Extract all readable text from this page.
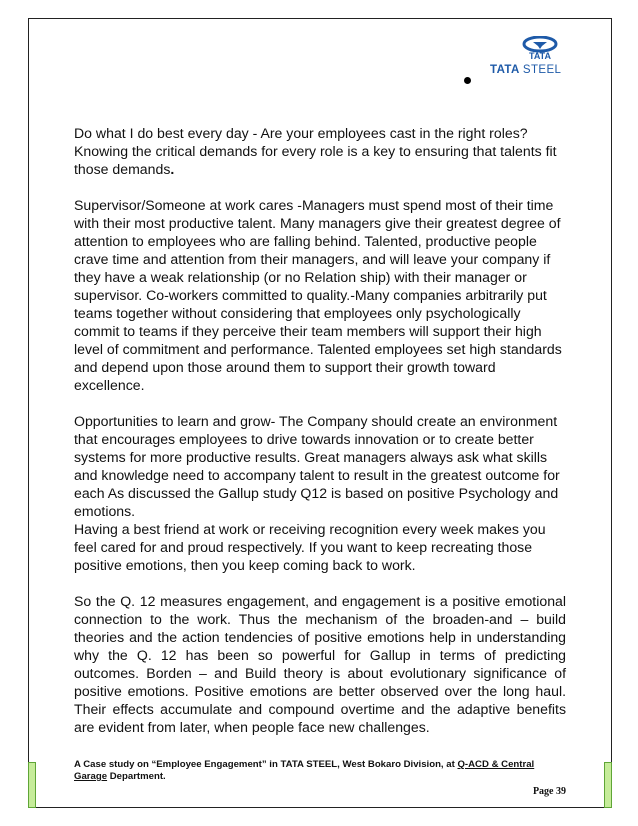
TATA
TATA STEEL

Do what I do best every day - Are your employees cast in the right roles? Knowing the critical demands for every role is a key to ensuring that talents fit those demands.

Supervisor/Someone at work cares -Managers must spend most of their time with their most productive talent. Many managers give their greatest degree of attention to employees who are falling behind. Talented, productive people crave time and attention from their managers, and will leave your company if they have a weak relationship (or no Relation ship) with their manager or supervisor. Co-workers committed to quality.-Many companies arbitrarily put teams together without considering that employees only psychologically commit to teams if they perceive their team members will support their high level of commitment and performance. Talented employees set high standards and depend upon those around them to support their growth toward excellence.

Opportunities to learn and grow- The Company should create an environment that encourages employees to drive towards innovation or to create better systems for more productive results. Great managers always ask what skills and knowledge need to accompany talent to result in the greatest outcome for each As discussed the Gallup study Q12 is based on positive Psychology and emotions.

Having a best friend at work or receiving recognition every week makes you feel cared for and proud respectively. If you want to keep recreating those positive emotions, then you keep coming back to work.

So the Q. 12 measures engagement, and engagement is a positive emotional connection to the work. Thus the mechanism of the broaden-and – build theories and the action tendencies of positive emotions help in understanding why the Q. 12 has been so powerful for Gallup in terms of predicting outcomes. Borden – and Build theory is about evolutionary significance of positive emotions. Positive emotions are better observed over the long haul. Their effects accumulate and compound overtime and the adaptive benefits are evident from later, when people face new challenges.

A Case study on “Employee Engagement” in TATA STEEL, West Bokaro Division, at Q-ACD & Central Garage Department.
Page 39
